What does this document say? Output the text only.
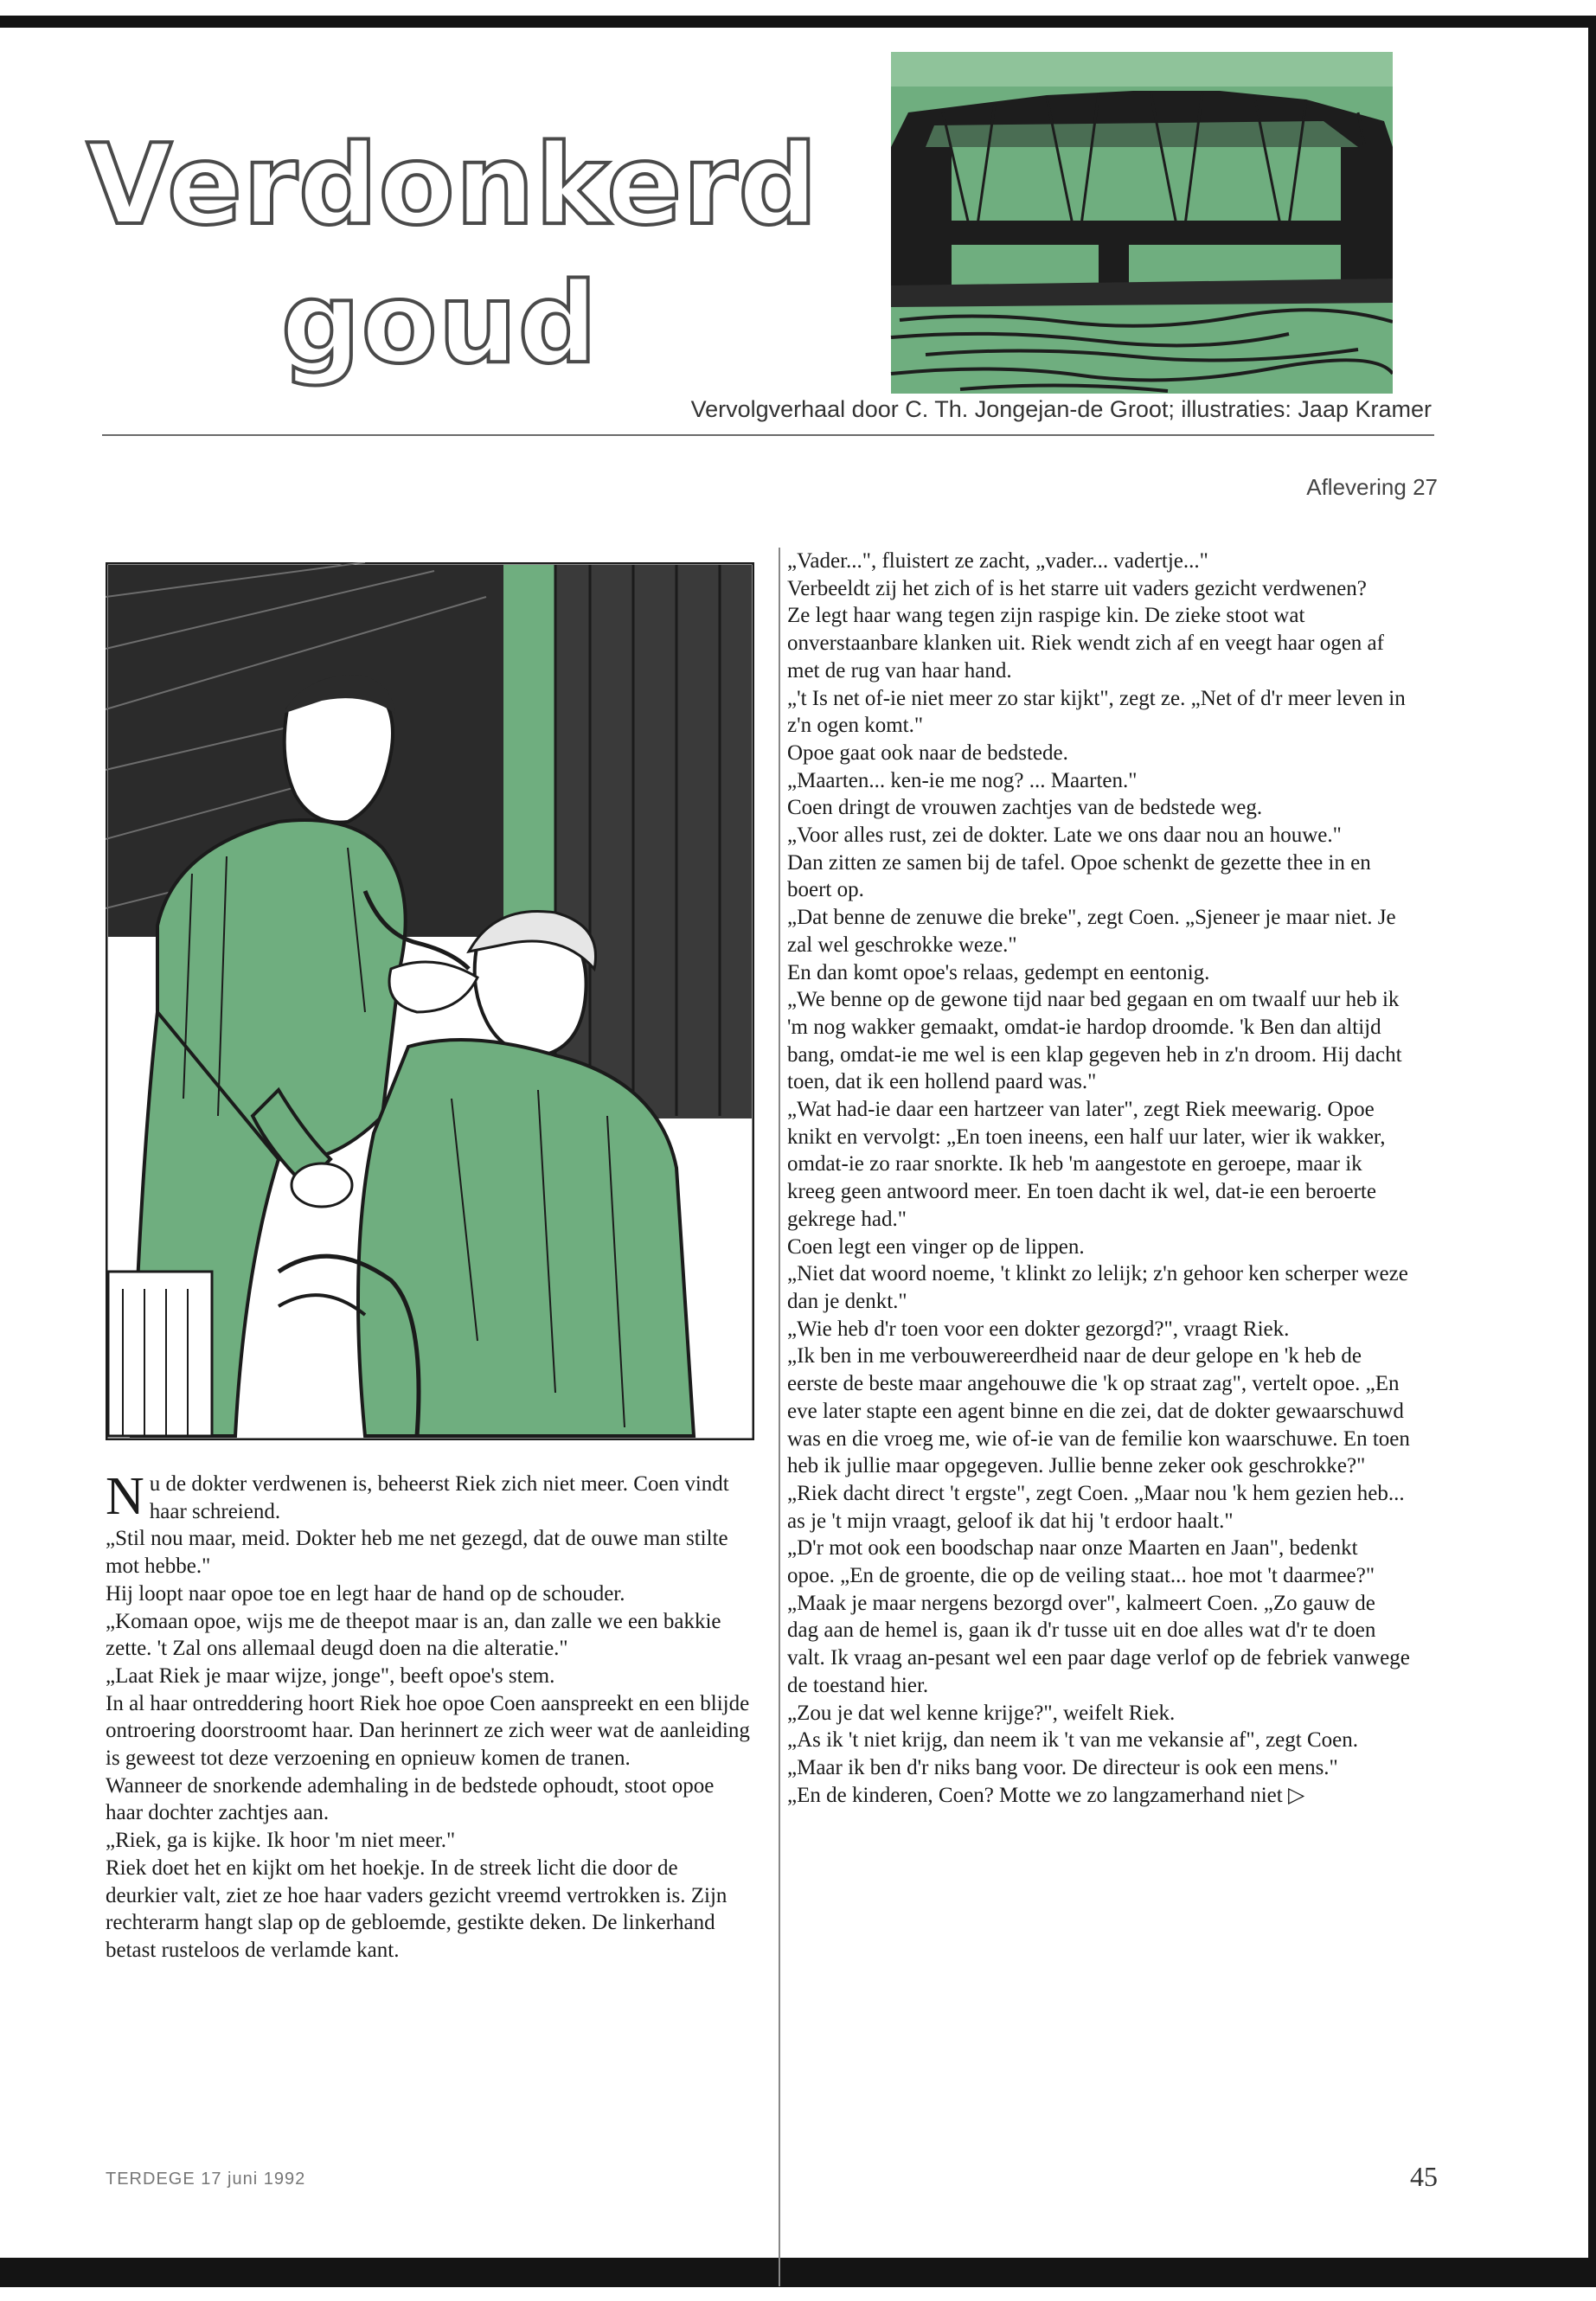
Verdonkerd
goud
Vervolgverhaal door C. Th. Jongejan-de Groot; illustraties: Jaap Kramer
Aflevering 27

Nu de dokter verdwenen is, beheerst Riek zich niet meer. Coen vindt haar schreiend.

„Stil nou maar, meid. Dokter heb me net gezegd, dat de ouwe man stilte mot hebbe."

Hij loopt naar opoe toe en legt haar de hand op de schouder.

„Komaan opoe, wijs me de theepot maar is an, dan zalle we een bakkie zette. 't Zal ons allemaal deugd doen na die alteratie."

„Laat Riek je maar wijze, jonge", beeft opoe's stem.

In al haar ontreddering hoort Riek hoe opoe Coen aanspreekt en een blijde ontroering doorstroomt haar. Dan herinnert ze zich weer wat de aanleiding is geweest tot deze verzoening en opnieuw komen de tranen.

Wanneer de snorkende ademhaling in de bedstede ophoudt, stoot opoe haar dochter zachtjes aan.

„Riek, ga is kijke. Ik hoor 'm niet meer."

Riek doet het en kijkt om het hoekje. In de streek licht die door de deurkier valt, ziet ze hoe haar vaders gezicht vreemd vertrokken is. Zijn rechterarm hangt slap op de gebloemde, gestikte deken. De linkerhand betast rusteloos de verlamde kant.

„Vader...", fluistert ze zacht, „vader... vadertje..."

Verbeeldt zij het zich of is het starre uit vaders gezicht verdwenen?

Ze legt haar wang tegen zijn raspige kin. De zieke stoot wat onverstaanbare klanken uit. Riek wendt zich af en veegt haar ogen af met de rug van haar hand.

„'t Is net of-ie niet meer zo star kijkt", zegt ze. „Net of d'r meer leven in z'n ogen komt."

Opoe gaat ook naar de bedstede.

„Maarten... ken-ie me nog? ... Maarten."

Coen dringt de vrouwen zachtjes van de bedstede weg.

„Voor alles rust, zei de dokter. Late we ons daar nou an houwe."

Dan zitten ze samen bij de tafel. Opoe schenkt de gezette thee in en boert op.

„Dat benne de zenuwe die breke", zegt Coen. „Sjeneer je maar niet. Je zal wel geschrokke weze."

En dan komt opoe's relaas, gedempt en eentonig.

„We benne op de gewone tijd naar bed gegaan en om twaalf uur heb ik 'm nog wakker gemaakt, omdat-ie hardop droomde. 'k Ben dan altijd bang, omdat-ie me wel is een klap gegeven heb in z'n droom. Hij dacht toen, dat ik een hollend paard was."

„Wat had-ie daar een hartzeer van later", zegt Riek meewarig. Opoe knikt en vervolgt: „En toen ineens, een half uur later, wier ik wakker, omdat-ie zo raar snorkte. Ik heb 'm aangestote en geroepe, maar ik kreeg geen antwoord meer. En toen dacht ik wel, dat-ie een beroerte gekrege had."

Coen legt een vinger op de lippen.

„Niet dat woord noeme, 't klinkt zo lelijk; z'n gehoor ken scherper weze dan je denkt."

„Wie heb d'r toen voor een dokter gezorgd?", vraagt Riek.

„Ik ben in me verbouwereerdheid naar de deur gelope en 'k heb de eerste de beste maar angehouwe die 'k op straat zag", vertelt opoe. „En eve later stapte een agent binne en die zei, dat de dokter gewaarschuwd was en die vroeg me, wie of-ie van de femilie kon waarschuwe. En toen heb ik jullie maar opgegeven. Jullie benne zeker ook geschrokke?"

„Riek dacht direct 't ergste", zegt Coen. „Maar nou 'k hem gezien heb... as je 't mijn vraagt, geloof ik dat hij 't erdoor haalt."

„D'r mot ook een boodschap naar onze Maarten en Jaan", bedenkt opoe. „En de groente, die op de veiling staat... hoe mot 't daarmee?"

„Maak je maar nergens bezorgd over", kalmeert Coen. „Zo gauw de dag aan de hemel is, gaan ik d'r tusse uit en doe alles wat d'r te doen valt. Ik vraag an-pesant wel een paar dage verlof op de febriek vanwege de toestand hier.

„Zou je dat wel kenne krijge?", weifelt Riek.

„As ik 't niet krijg, dan neem ik 't van me vekansie af", zegt Coen. „Maar ik ben d'r niks bang voor. De directeur is ook een mens."

„En de kinderen, Coen? Motte we zo langzamerhand niet ▷

TERDEGE 17 juni 1992	45
